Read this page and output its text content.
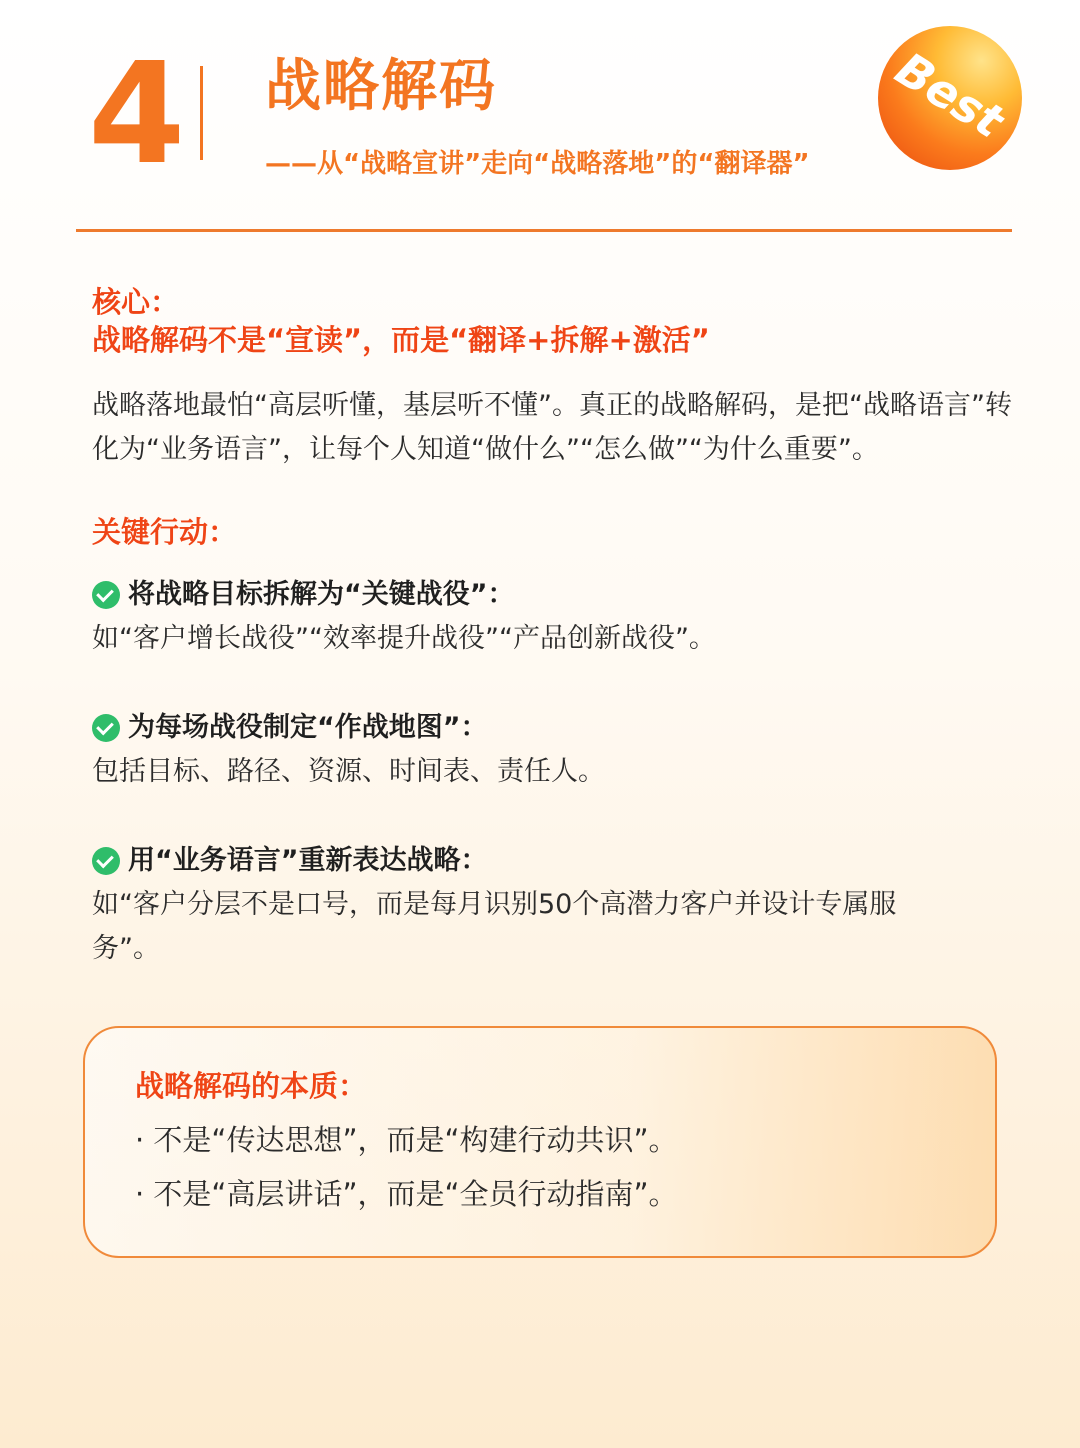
4 战略解码
——从“战略宣讲”走向“战略落地”的“翻译器”
Best
核心：
战略解码不是“宣读”，而是“翻译+拆解+激活”
战略落地最怕“高层听懂，基层听不懂”。真正的战略解码，是把“战略语言”转化为“业务语言”，让每个人知道“做什么”“怎么做”“为什么重要”。
关键行动：
将战略目标拆解为“关键战役”：
如“客户增长战役”“效率提升战役”“产品创新战役”。
为每场战役制定“作战地图”：
包括目标、路径、资源、时间表、责任人。
用“业务语言”重新表达战略：
如“客户分层不是口号，而是每月识别50个高潜力客户并设计专属服务”。
战略解码的本质：
· 不是“传达思想”，而是“构建行动共识”。
· 不是“高层讲话”，而是“全员行动指南”。
